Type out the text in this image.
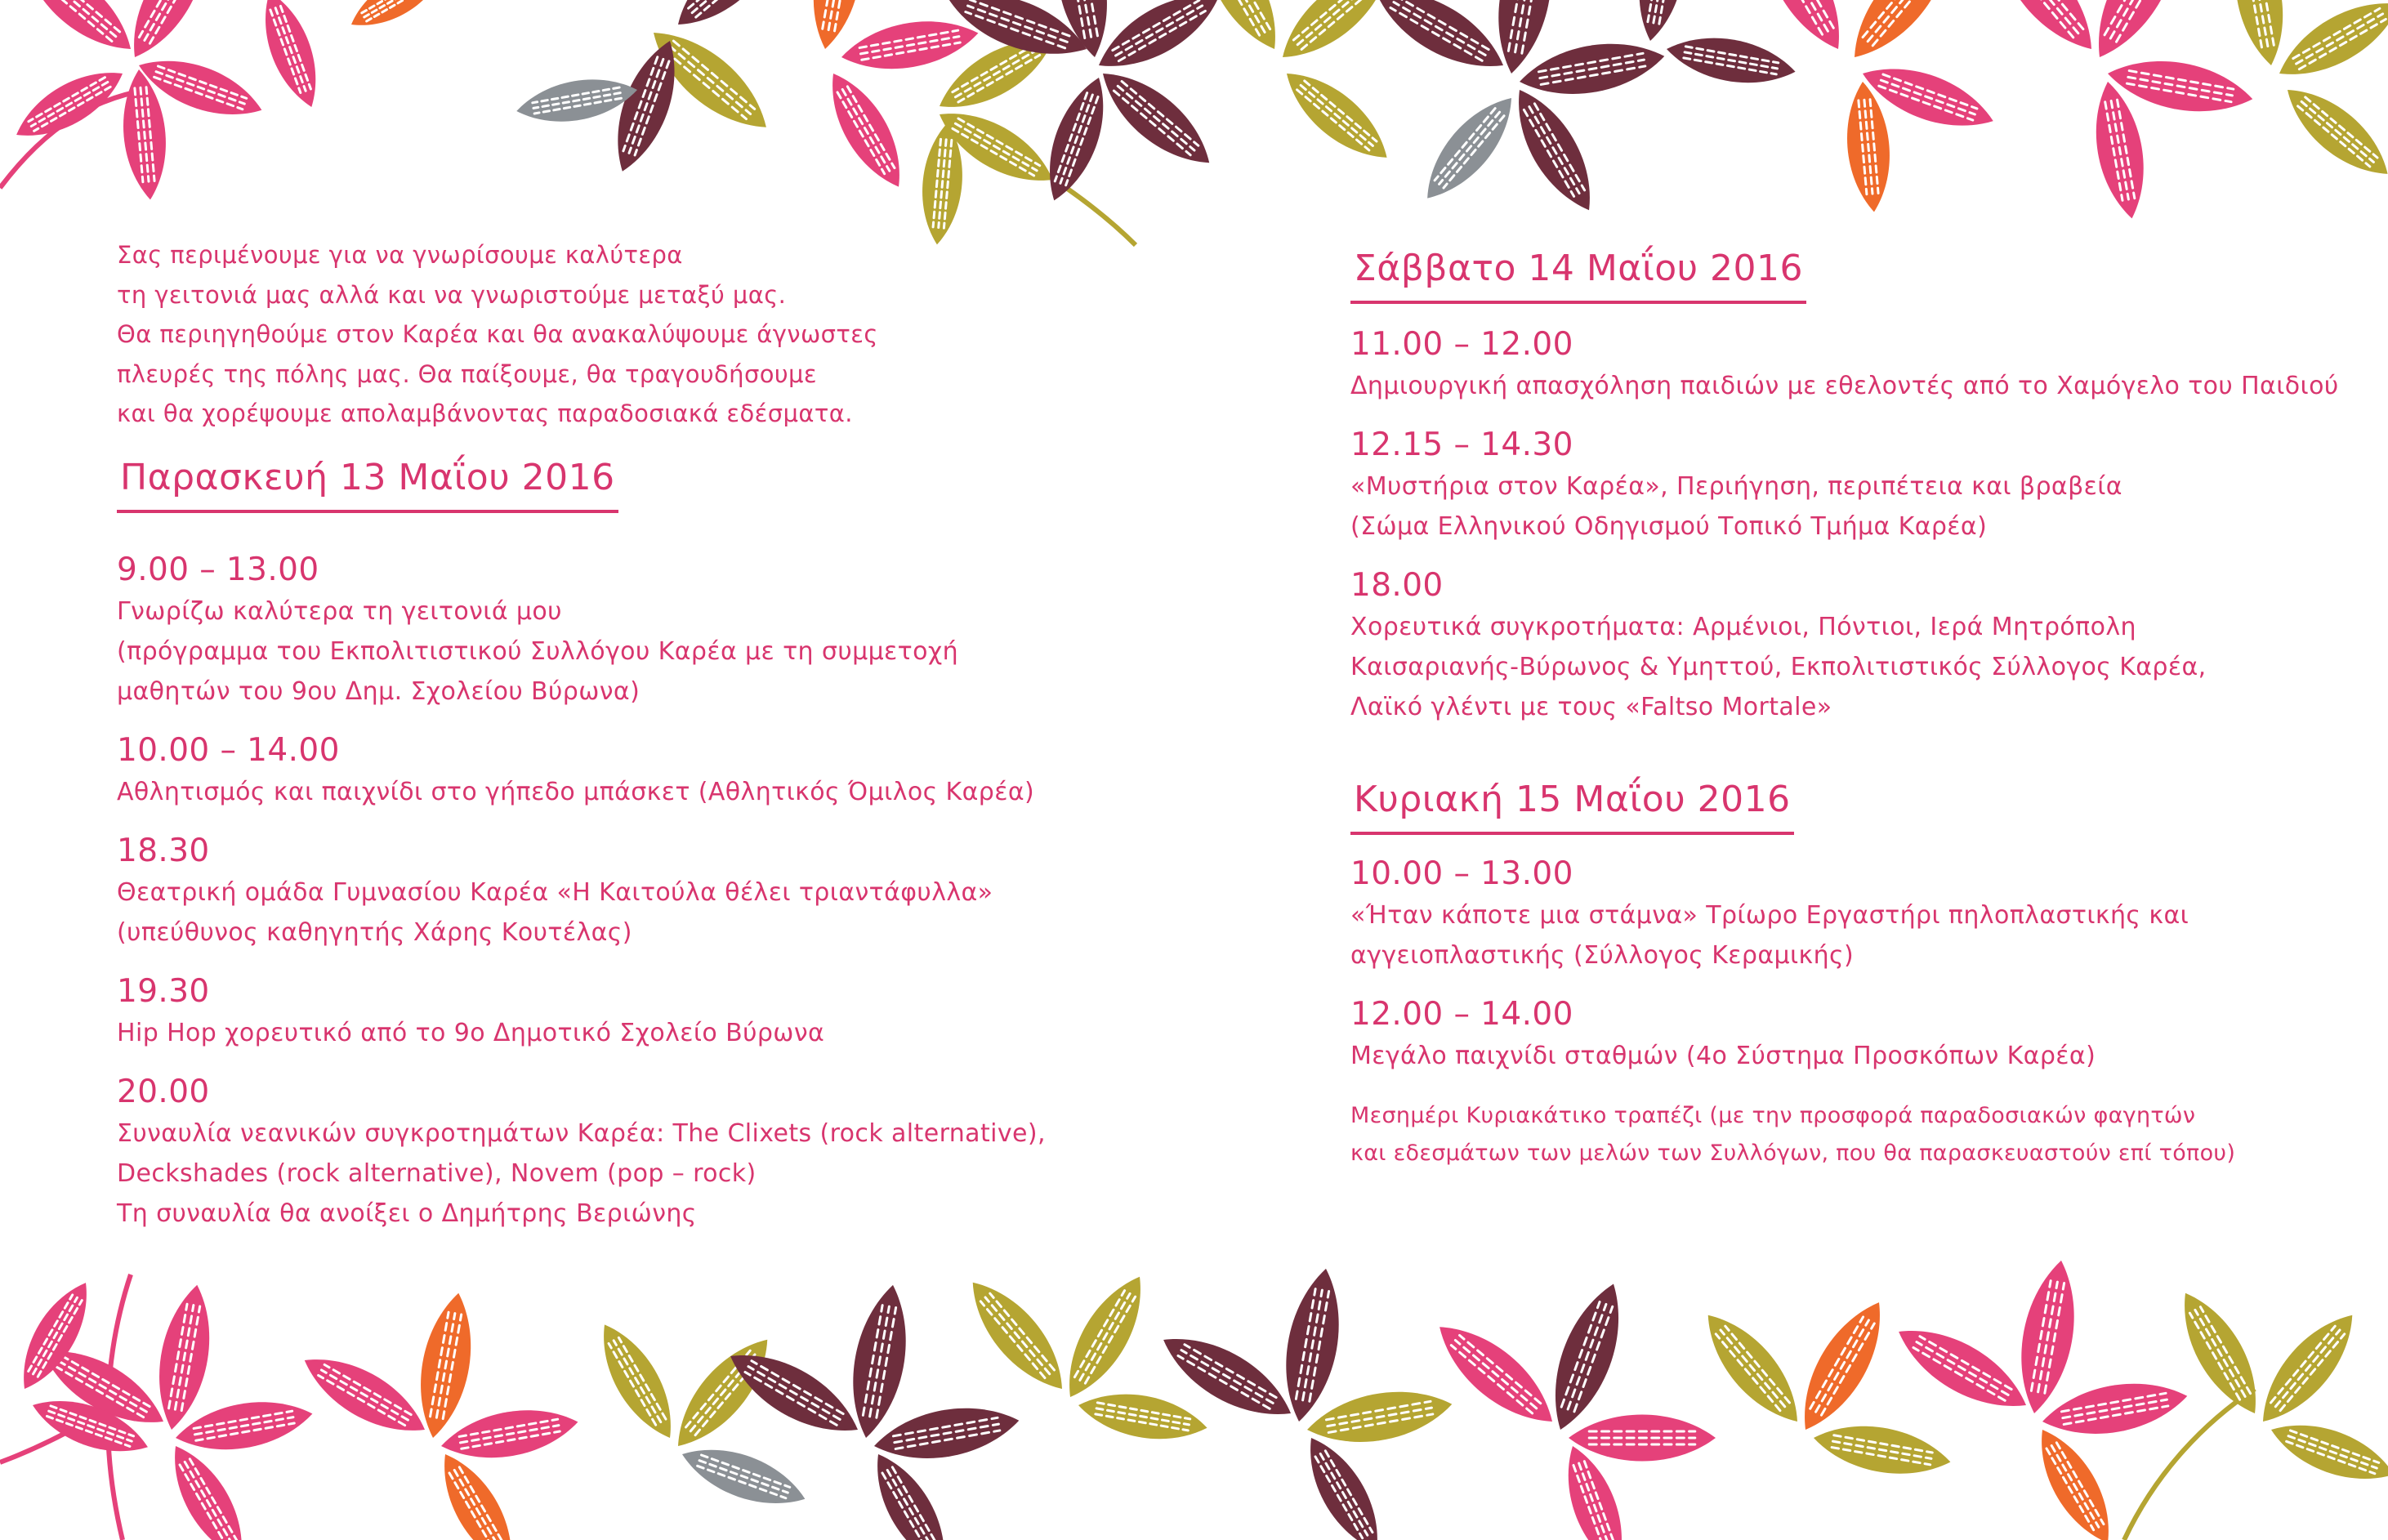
Σας περιμένουμε για να γνωρίσουμε καλύτερα

τη γειτονιά μας αλλά και να γνωριστούμε μεταξύ μας.

Θα περιηγηθούμε στον Καρέα και θα ανακαλύψουμε άγνωστες

πλευρές της πόλης μας. Θα παίξουμε, θα τραγουδήσουμε

και θα χορέψουμε απολαμβάνοντας παραδοσιακά εδέσματα.

Παρασκευή 13 Μαΐου 2016
9.00 – 13.00
Γνωρίζω καλύτερα τη γειτονιά μου
(πρόγραμμα του Εκπολιτιστικού Συλλόγου Καρέα με τη συμμετοχή
μαθητών του 9ου Δημ. Σχολείου Βύρωνα)
10.00 – 14.00
Αθλητισμός και παιχνίδι στο γήπεδο μπάσκετ (Αθλητικός Όμιλος Καρέα)
18.30
Θεατρική ομάδα Γυμνασίου Καρέα «Η Καιτούλα θέλει τριαντάφυλλα»
(υπεύθυνος καθηγητής Χάρης Κουτέλας)
19.30
Hip Hop χορευτικό από το 9ο Δημοτικό Σχολείο Βύρωνα
20.00
Συναυλία νεανικών συγκροτημάτων Καρέα: The Clixets (rock alternative),
Deckshades (rock alternative), Novem (pop – rock)
Τη συναυλία θα ανοίξει ο Δημήτρης Βεριώνης
Σάββατο 14 Μαΐου 2016
11.00 – 12.00
Δημιουργική απασχόληση παιδιών με εθελοντές από το Χαμόγελο του Παιδιού
12.15 – 14.30
«Μυστήρια στον Καρέα», Περιήγηση, περιπέτεια και βραβεία
(Σώμα Ελληνικού Οδηγισμού Τοπικό Τμήμα Καρέα)
18.00
Χορευτικά συγκροτήματα: Αρμένιοι, Πόντιοι, Ιερά Μητρόπολη
Καισαριανής-Βύρωνος & Υμηττού, Εκπολιτιστικός Σύλλογος Καρέα,
Λαϊκό γλέντι με τους «Faltso Mortale»
Κυριακή 15 Μαΐου 2016
10.00 – 13.00
«Ήταν κάποτε μια στάμνα» Τρίωρο Εργαστήρι πηλοπλαστικής και
αγγειοπλαστικής (Σύλλογος Κεραμικής)
12.00 – 14.00
Μεγάλο παιχνίδι σταθμών (4ο Σύστημα Προσκόπων Καρέα)
Μεσημέρι Κυριακάτικο τραπέζι (με την προσφορά παραδοσιακών φαγητών
και εδεσμάτων των μελών των Συλλόγων, που θα παρασκευαστούν επί τόπου)
